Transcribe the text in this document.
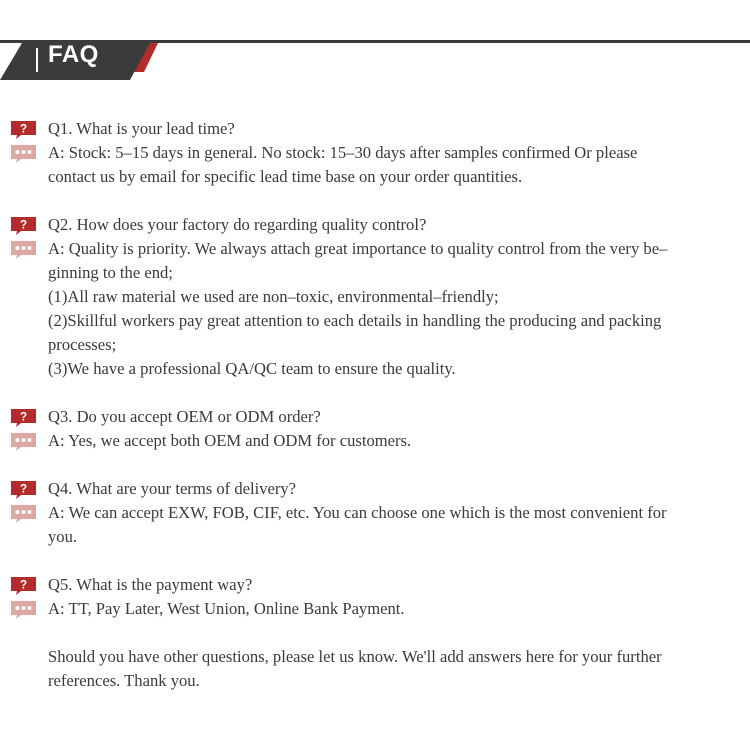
FAQ

? Q1. What is your lead time?

A: Stock: 5–15 days in general. No stock: 15–30 days after samples confirmed Or please
contact us by email for specific lead time base on your order quantities.

? Q2. How does your factory do regarding quality control?

A: Quality is priority. We always attach great importance to quality control from the very be–
ginning to the end;
(1)All raw material we used are non–toxic, environmental–friendly;
(2)Skillful workers pay great attention to each details in handling the producing and packing
processes;
(3)We have a professional QA/QC team to ensure the quality.

? Q3. Do you accept OEM or ODM order?

A: Yes, we accept both OEM and ODM for customers.

? Q4. What are your terms of delivery?

A: We can accept EXW, FOB, CIF, etc. You can choose one which is the most convenient for
you.

? Q5. What is the payment way?

A: TT, Pay Later, West Union, Online Bank Payment.

Should you have other questions, please let us know. We'll add answers here for your further
references. Thank you.
